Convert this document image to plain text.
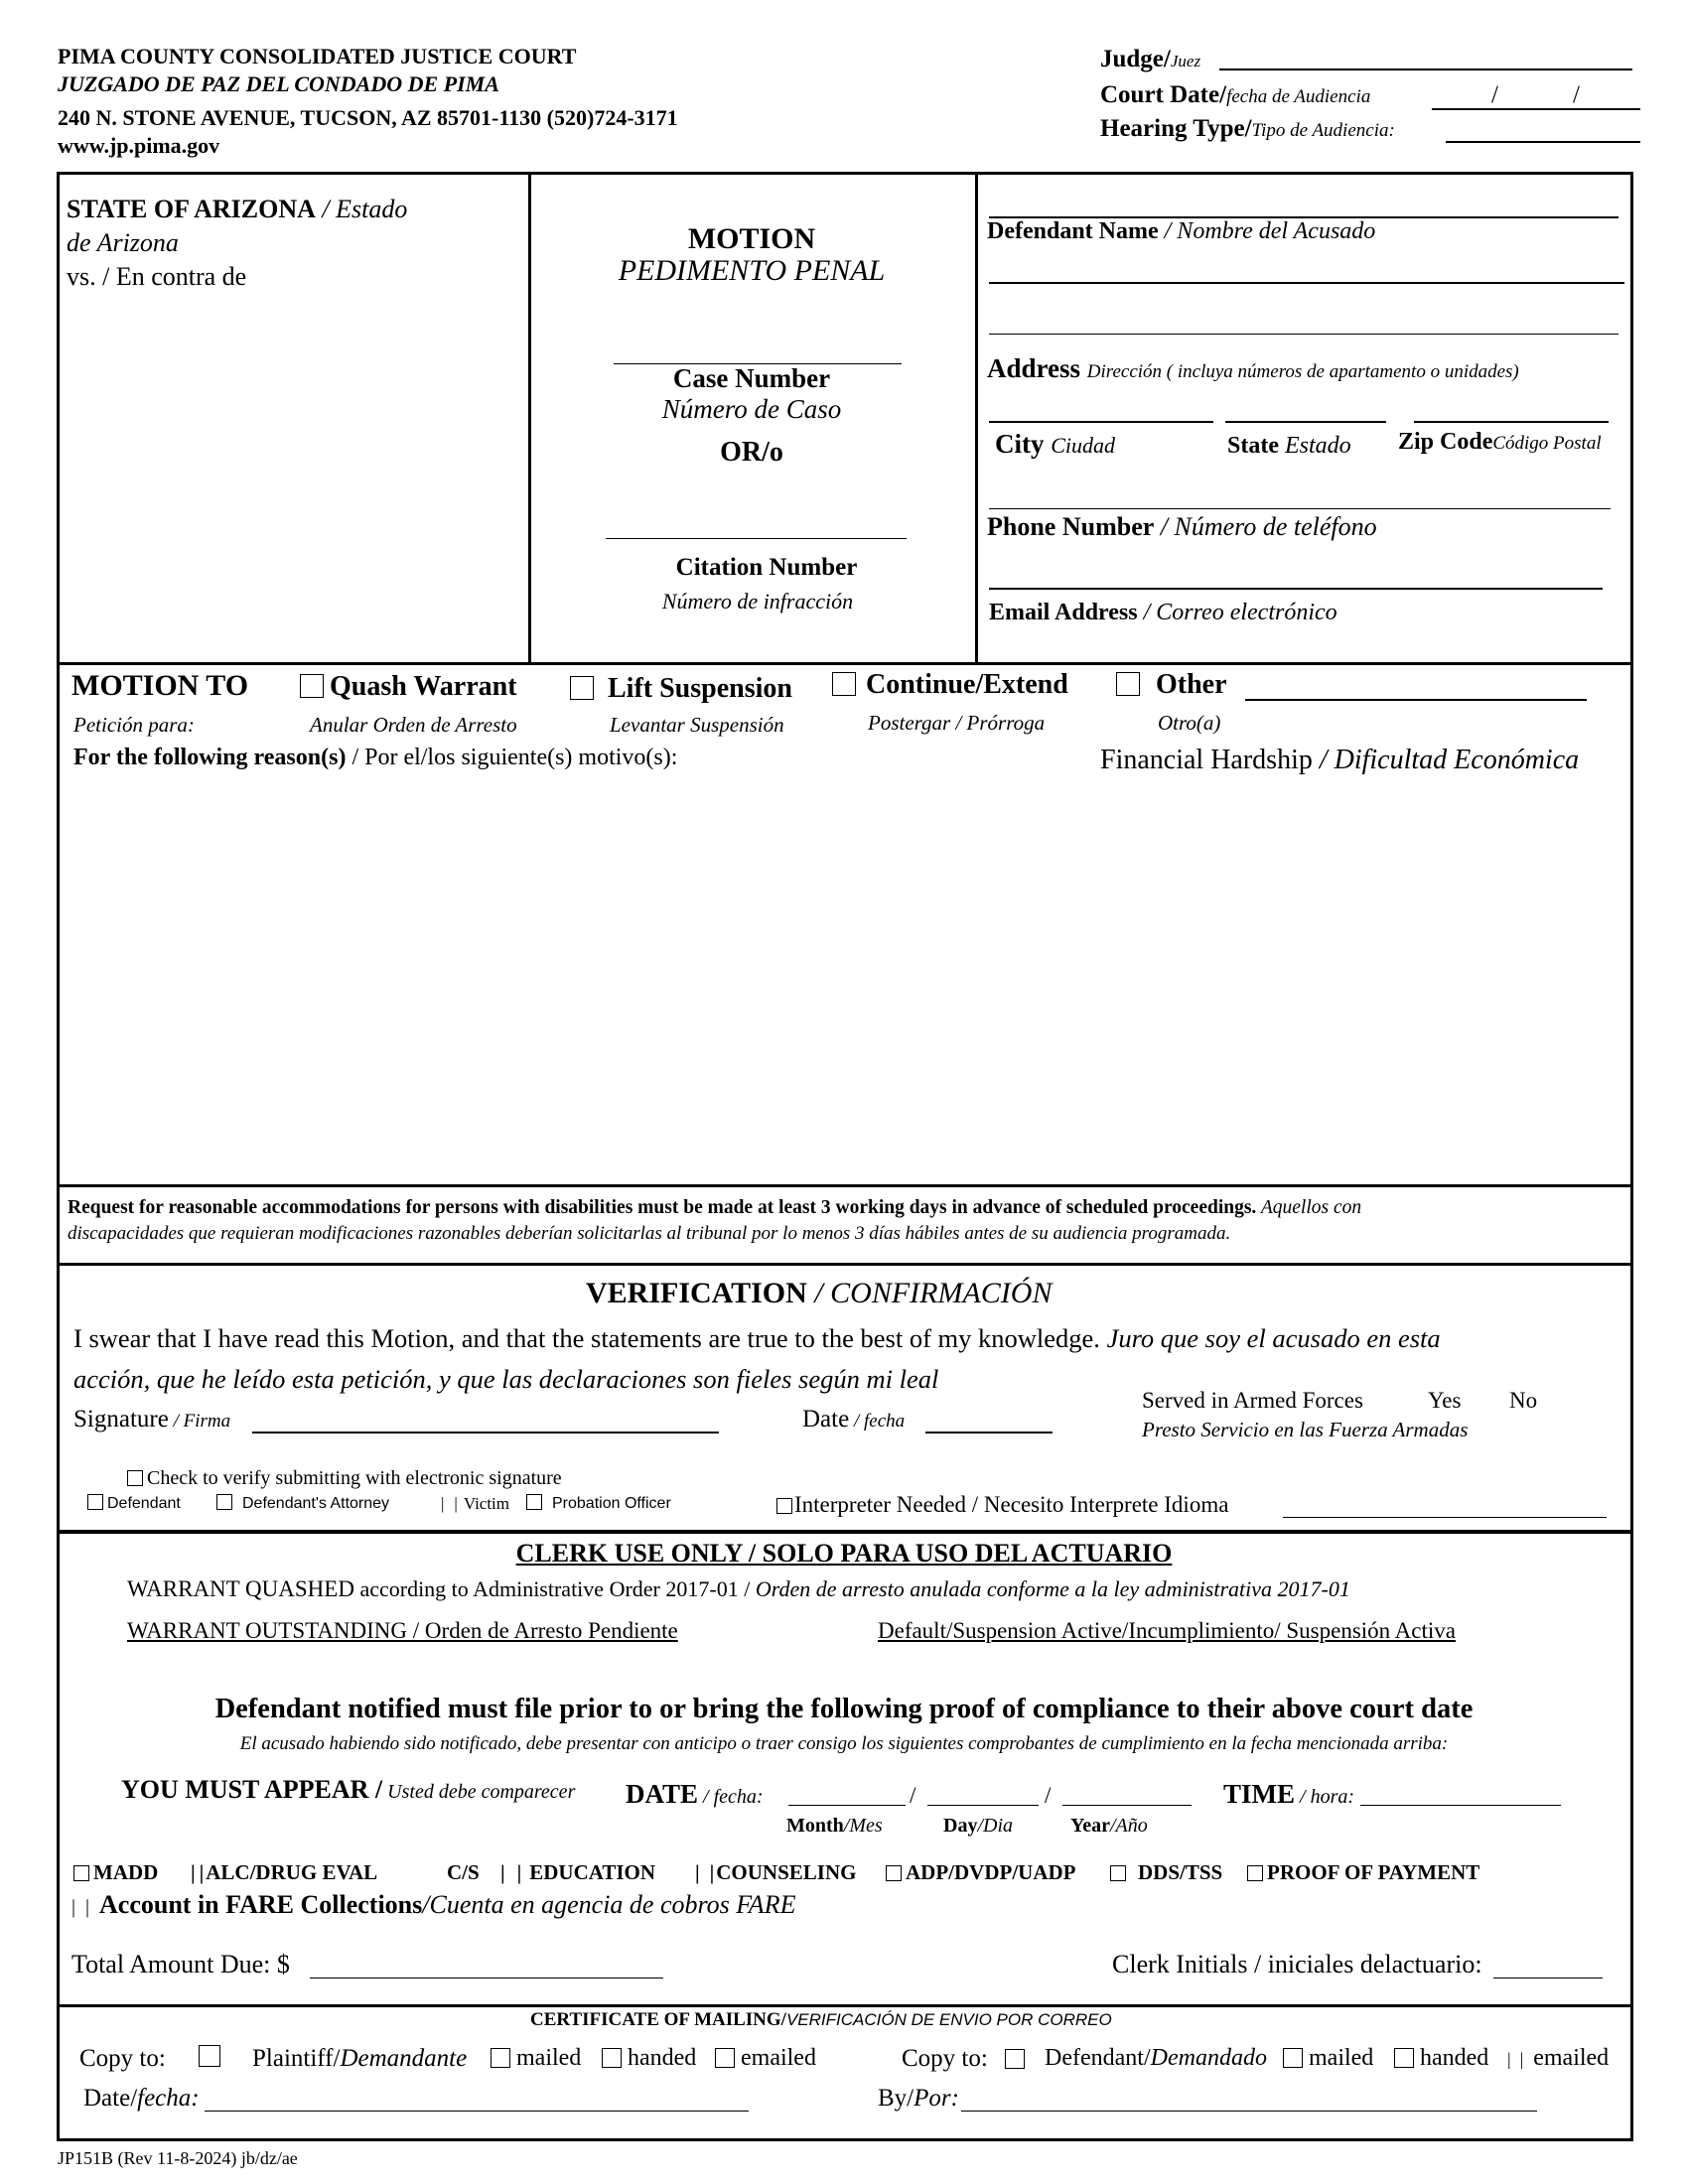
PIMA COUNTY CONSOLIDATED JUSTICE COURT
JUZGADO DE PAZ DEL CONDADO DE PIMA
240 N. STONE AVENUE, TUCSON, AZ 85701-1130 (520)724-3171
www.jp.pima.gov
Judge/Juez
Court Date/fecha de Audiencia	/	/
Hearing Type/Tipo de Audiencia:
STATE OF ARIZONA / Estado
de Arizona
vs. / En contra de
MOTION
PEDIMENTO PENAL
Case Number
Número de Caso
OR/o
Citation Number
Número de infracción
Defendant Name / Nombre del Acusado
Address Dirección ( incluya números de apartamento o unidades)
City Ciudad	State Estado Zip CodeCódigo Postal
Phone Number / Número de teléfono
Email Address / Correo electrónico
MOTION TO
Petición para:
Quash Warrant
Anular Orden de Arresto
Lift Suspension
Levantar Suspensión
Continue/Extend
Postergar / Prórroga
Other
Otro(a)
For the following reason(s) / Por el/los siguiente(s) motivo(s):	Financial Hardship / Dificultad Económica
Request for reasonable accommodations for persons with disabilities must be made at least 3 working days in advance of scheduled proceedings. Aquellos con
discapacidades que requieran modificaciones razonables deberían solicitarlas al tribunal por lo menos 3 días hábiles antes de su audiencia programada.
VERIFICATION / CONFIRMACIÓN
I swear that I have read this Motion, and that the statements are true to the best of my knowledge. Juro que soy el acusado en esta
acción, que he leído esta petición, y que las declaraciones son fieles según mi leal
Signature / Firma	Date / fecha
Served in Armed Forces	Yes No
Presto Servicio en las Fuerza Armadas
Check to verify submitting with electronic signature
Defendant	Defendant's Attorney	| | Victim	Probation Officer	Interpreter Needed / Necesito Interprete Idioma
CLERK USE ONLY / SOLO PARA USO DEL ACTUARIO
WARRANT QUASHED according to Administrative Order 2017-01 / Orden de arresto anulada conforme a la ley administrativa 2017-01
WARRANT OUTSTANDING / Orden de Arresto Pendiente	Default/Suspension Active/Incumplimiento/ Suspensión Activa
Defendant notified must file prior to or bring the following proof of compliance to their above court date
El acusado habiendo sido notificado, debe presentar con anticipo o traer consigo los siguientes comprobantes de cumplimiento en la fecha mencionada arriba:
YOU MUST APPEAR / Usted debe comparecer DATE / fecha:	/	/	TIME / hora:
Month/Mes	Day/Dia	Year/Año
MADD | |ALC/DRUG EVAL	C/S | | EDUCATION | |COUNSELING	ADP/DVDP/UADP	DDS/TSS	PROOF OF PAYMENT
|  | Account in FARE Collections/Cuenta en agencia de cobros FARE
Total Amount Due: $	Clerk Initials / iniciales delactuario:
CERTIFICATE OF MAILING/VERIFICACIÓN DE ENVIO POR CORREO
Copy to:	Plaintiff/Demandante	mailed	handed	emailed	Copy to: Defendant/Demandado	mailed	handed |  | emailed
Date/fecha:	By/Por:
JP151B (Rev 11-8-2024) jb/dz/ae
